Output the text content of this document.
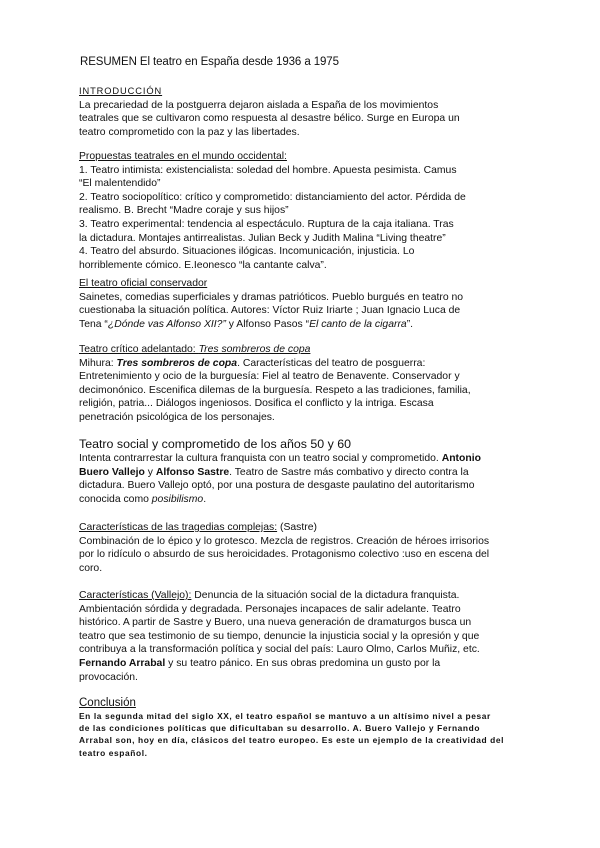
RESUMEN El teatro en España desde 1936 a 1975
INTRODUCCIÓN
La precariedad de la postguerra dejaron aislada a España de los movimientos
teatrales que se cultivaron como respuesta al desastre bélico. Surge en Europa un
teatro comprometido con la paz y las libertades.
Propuestas teatrales en el mundo occidental:
1. Teatro intimista: existencialista: soledad del hombre. Apuesta pesimista. Camus
“El malentendido”
2. Teatro sociopolítico: crítico y comprometido: distanciamiento del actor. Pérdida de
realismo. B. Brecht “Madre coraje y sus hijos”
3. Teatro experimental: tendencia al espectáculo. Ruptura de la caja italiana. Tras
la dictadura. Montajes antirrealistas. Julian Beck y Judith Malina “Living theatre”
4. Teatro del absurdo. Situaciones ilógicas. Incomunicación, injusticia. Lo
horriblemente cómico. E.Ieonesco “la cantante calva”.
El teatro oficial conservador
Sainetes, comedias superficiales y dramas patrióticos. Pueblo burgués en teatro no
cuestionaba la situación política. Autores: Víctor Ruiz Iriarte ; Juan Ignacio Luca de
Tena “¿Dónde vas Alfonso XII?” y Alfonso Pasos “El canto de la cigarra”.
Teatro crítico adelantado: Tres sombreros de copa
Mihura: Tres sombreros de copa. Características del teatro de posguerra:
Entretenimiento y ocio de la burguesía: Fiel al teatro de Benavente. Conservador y
decimonónico. Escenifica dilemas de la burguesía. Respeto a las tradiciones, familia,
religión, patria... Diálogos ingeniosos. Dosifica el conflicto y la intriga. Escasa
penetración psicológica de los personajes.
Teatro social y comprometido de los años 50 y 60
Intenta contrarrestar la cultura franquista con un teatro social y comprometido. Antonio
Buero Vallejo y Alfonso Sastre. Teatro de Sastre más combativo y directo contra la
dictadura. Buero Vallejo optó, por una postura de desgaste paulatino del autoritarismo
conocida como posibilismo.
Características de las tragedias complejas: (Sastre)
Combinación de lo épico y lo grotesco. Mezcla de registros. Creación de héroes irrisorios
por lo ridículo o absurdo de sus heroicidades. Protagonismo colectivo :uso en escena del
coro.
Características (Vallejo): Denuncia de la situación social de la dictadura franquista.
Ambientación sórdida y degradada. Personajes incapaces de salir adelante. Teatro
histórico. A partir de Sastre y Buero, una nueva generación de dramaturgos busca un
teatro que sea testimonio de su tiempo, denuncie la injusticia social y la opresión y que
contribuya a la transformación política y social del país: Lauro Olmo, Carlos Muñiz, etc.
Fernando Arrabal y su teatro pánico. En sus obras predomina un gusto por la
provocación.
Conclusión
En la segunda mitad del siglo XX, el teatro español se mantuvo a un altísimo nivel a pesar
de las condiciones políticas que dificultaban su desarrollo. A. Buero Vallejo y Fernando
Arrabal son, hoy en día, clásicos del teatro europeo. Es este un ejemplo de la creatividad del
teatro español.
